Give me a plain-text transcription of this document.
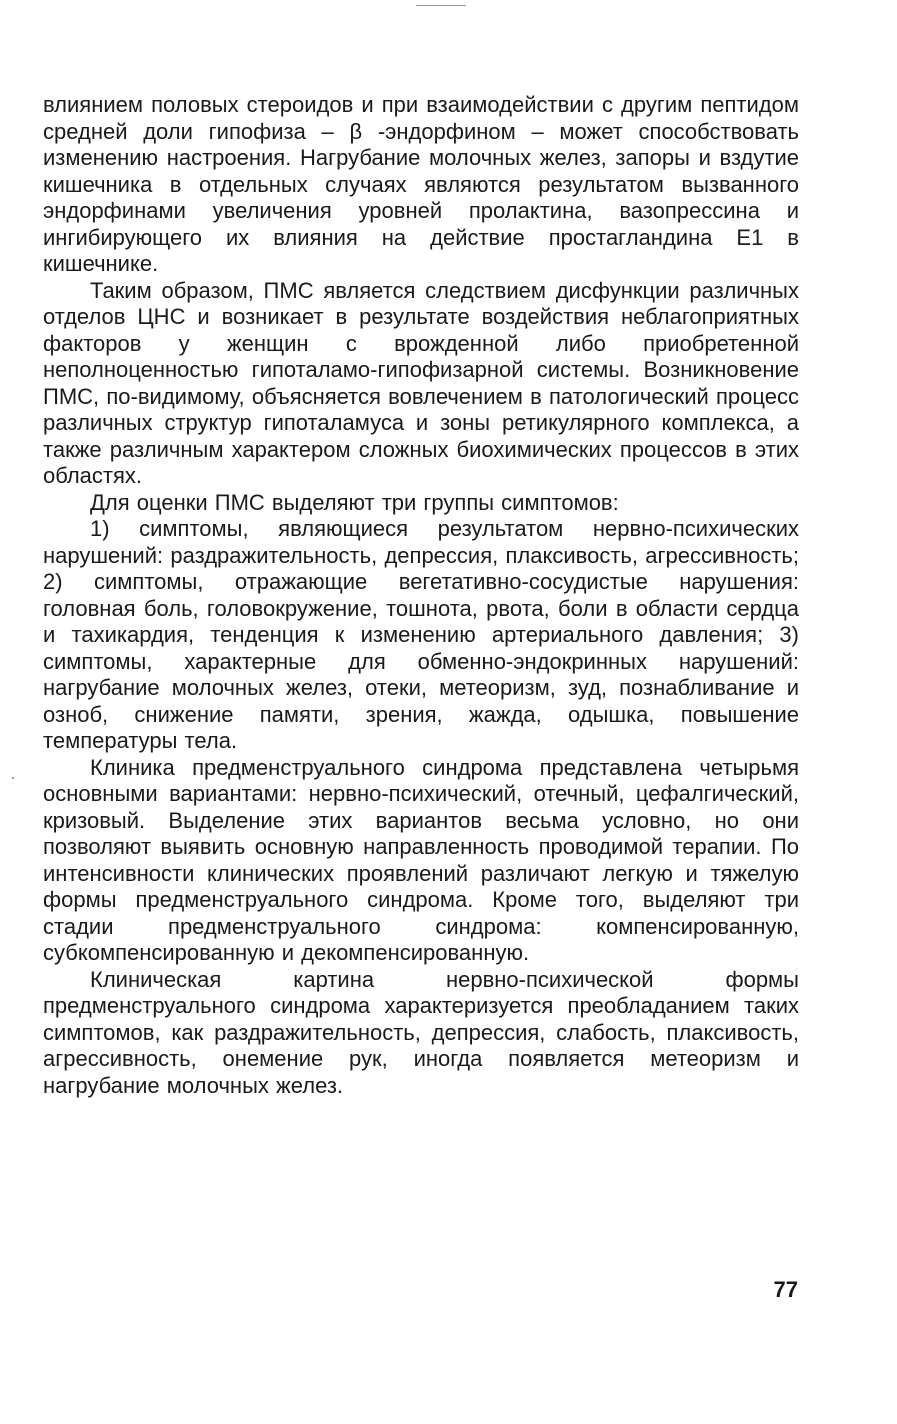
влиянием половых стероидов и при взаимодействии с другим пептидом средней доли гипофиза – β -эндорфином – может способствовать изменению настроения. Нагрубание молочных желез, запоры и вздутие кишечника в отдельных случаях являются результатом вызванного эндорфинами увеличения уровней пролактина, вазопрессина и ингибирующего их влияния на действие простагландина Е1 в кишечнике.

Таким образом, ПМС является следствием дисфункции различных отделов ЦНС и возникает в результате воздействия неблагоприятных факторов у женщин с врожденной либо приобретенной неполноценностью гипоталамо-гипофизарной системы. Возникновение ПМС, по-видимому, объясняется вовлечением в патологический процесс различных структур гипоталамуса и зоны ретикулярного комплекса, а также различным характером сложных биохимических процессов в этих областях.

Для оценки ПМС выделяют три группы симптомов:

1) симптомы, являющиеся результатом нервно-психических нарушений: раздражительность, депрессия, плаксивость, агрессивность; 2) симптомы, отражающие вегетативно-сосудистые нарушения: головная боль, головокружение, тошнота, рвота, боли в области сердца и тахикардия, тенденция к изменению артериального давления; 3) симптомы, характерные для обменно-эндокринных нарушений: нагрубание молочных желез, отеки, метеоризм, зуд, познабливание и озноб, снижение памяти, зрения, жажда, одышка, повышение температуры тела.

Клиника предменструального синдрома представлена четырьмя основными вариантами: нервно-психический, отечный, цефалгический, кризовый. Выделение этих вариантов весьма условно, но они позволяют выявить основную направленность проводимой терапии. По интенсивности клинических проявлений различают легкую и тяжелую формы предменструального синдрома. Кроме того, выделяют три стадии предменструального синдрома: компенсированную, субкомпенсированную и декомпенсированную.

Клиническая картина нервно-психической формы предменструального синдрома характеризуется преобладанием таких симптомов, как раздражительность, депрессия, слабость, плаксивость, агрессивность, онемение рук, иногда появляется метеоризм и нагрубание молочных желез.

77
